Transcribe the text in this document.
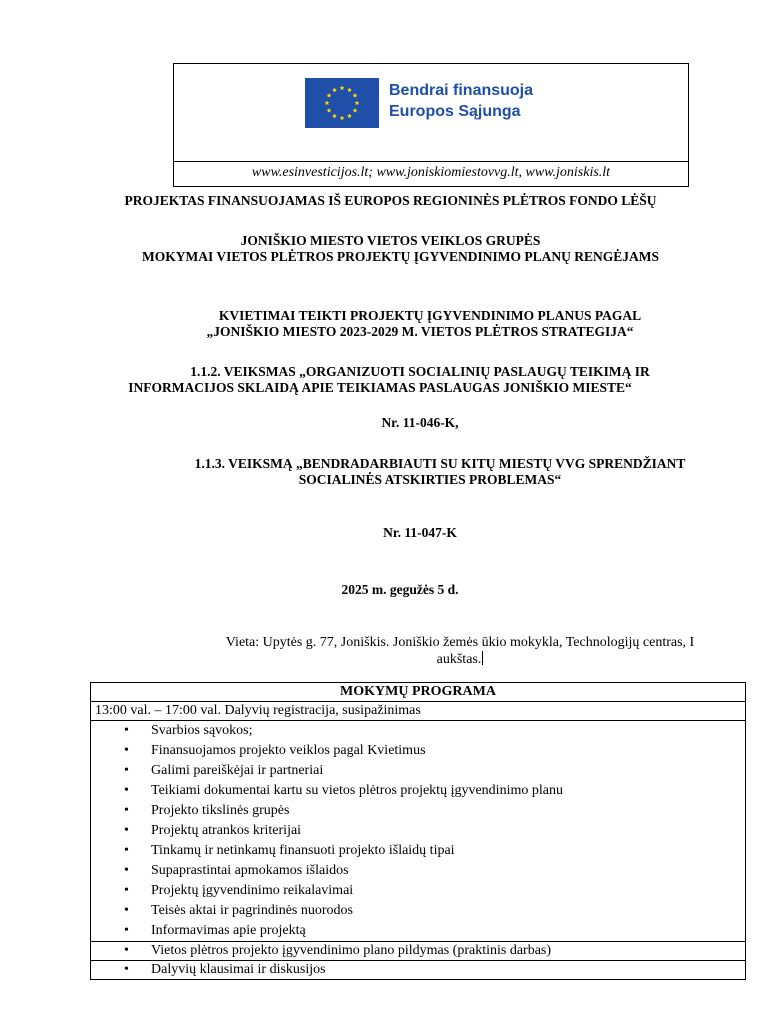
Bendrai finansuoja
Europos Sąjunga
www.esinvesticijos.lt; www.joniskiomiestovvg.lt, www.joniskis.lt
PROJEKTAS FINANSUOJAMAS IŠ EUROPOS REGIONINĖS PLĖTROS FONDO LĖŠŲ
JONIŠKIO MIESTO VIETOS VEIKLOS GRUPĖS
MOKYMAI VIETOS PLĖTROS PROJEKTŲ ĮGYVENDINIMO PLANŲ RENGĖJAMS
KVIETIMAI TEIKTI PROJEKTŲ ĮGYVENDINIMO PLANUS PAGAL
„JONIŠKIO MIESTO 2023-2029 M. VIETOS PLĖTROS STRATEGIJA“
1.1.2. VEIKSMAS „ORGANIZUOTI SOCIALINIŲ PASLAUGŲ TEIKIMĄ IR
INFORMACIJOS SKLAIDĄ APIE TEIKIAMAS PASLAUGAS JONIŠKIO MIESTE“
Nr. 11-046-K,
1.1.3. VEIKSMĄ „BENDRADARBIAUTI SU KITŲ MIESTŲ VVG SPRENDŽIANT
SOCIALINĖS ATSKIRTIES PROBLEMAS“
Nr. 11-047-K
2025 m. gegužės 5 d.
Vieta: Upytės g. 77, Joniškis. Joniškio žemės ūkio mokykla, Technologijų centras, I
aukštas.
MOKYMŲ PROGRAMA
13:00 val. – 17:00 val. Dalyvių registracija, susipažinimas
• Svarbios sąvokos;
• Finansuojamos projekto veiklos pagal Kvietimus
• Galimi pareiškėjai ir partneriai
• Teikiami dokumentai kartu su vietos plėtros projektų įgyvendinimo planu
• Projekto tikslinės grupės
• Projektų atrankos kriterijai
• Tinkamų ir netinkamų finansuoti projekto išlaidų tipai
• Supaprastintai apmokamos išlaidos
• Projektų įgyvendinimo reikalavimai
• Teisės aktai ir pagrindinės nuorodos
• Informavimas apie projektą
• Vietos plėtros projekto įgyvendinimo plano pildymas (praktinis darbas)
• Dalyvių klausimai ir diskusijos
